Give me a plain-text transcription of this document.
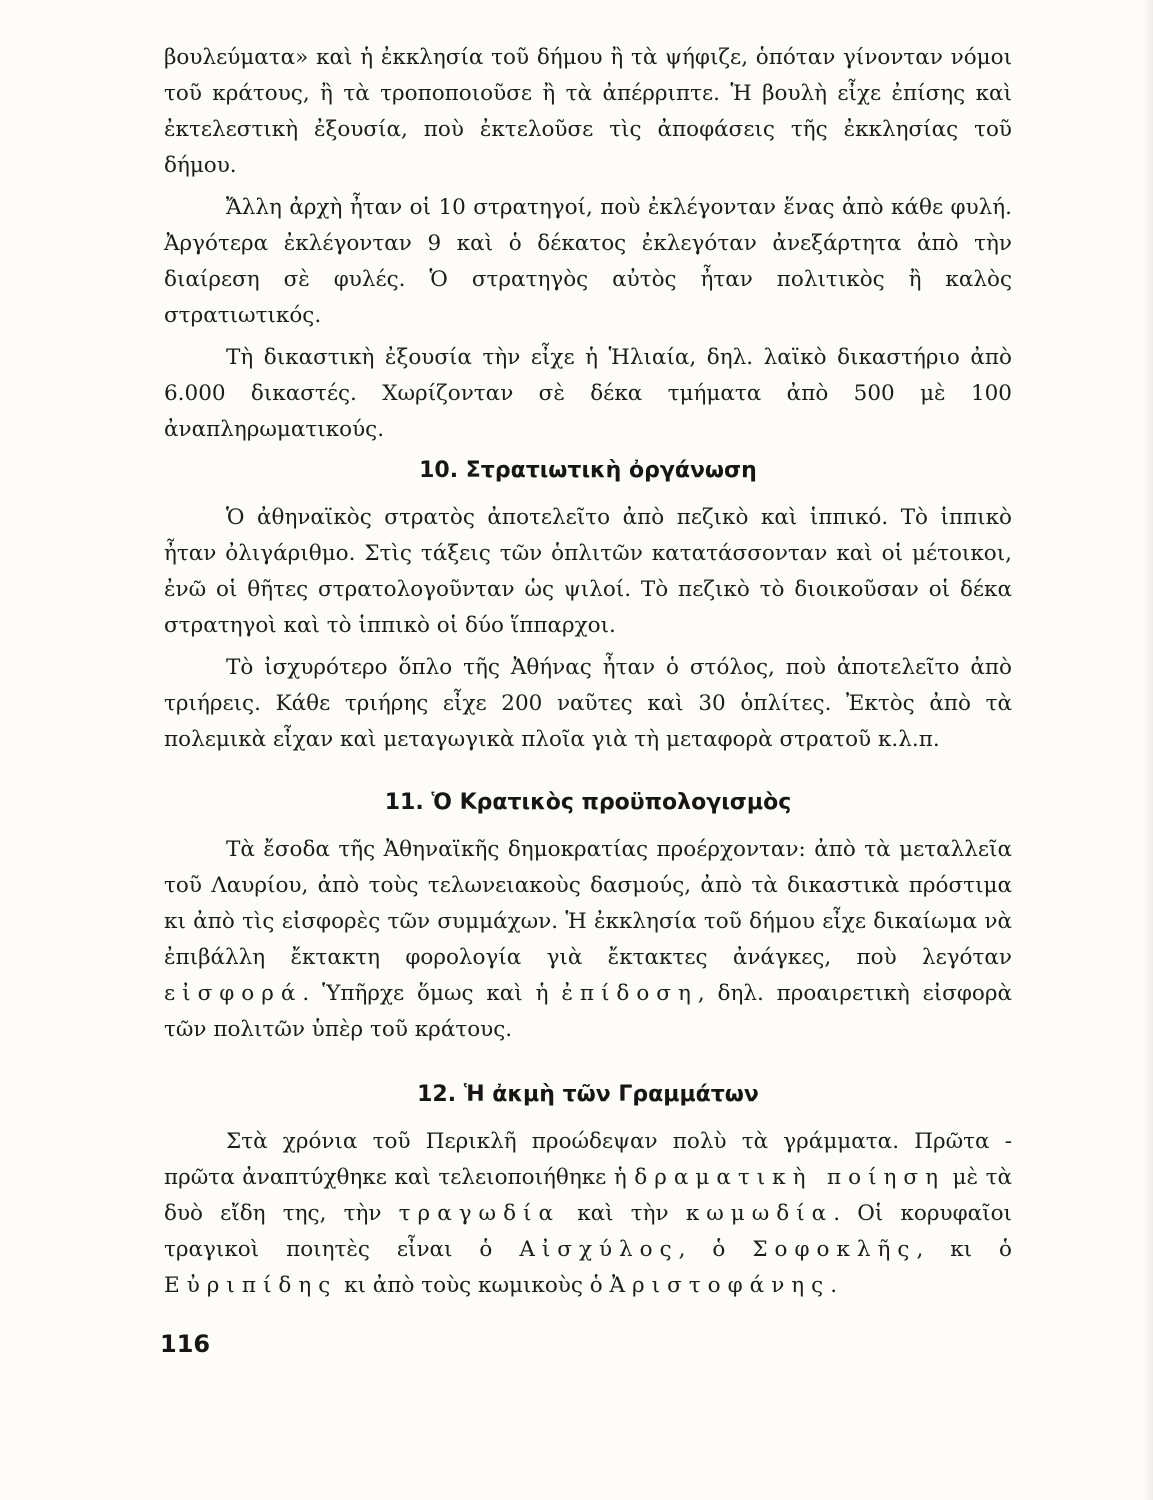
βουλεύματα» καὶ ἡ ἐκκλησία τοῦ δήμου ἢ τὰ ψήφιζε, ὁπόταν γίνονταν νόμοι τοῦ κράτους, ἢ τὰ τροποποιοῦσε ἢ τὰ ἀπέρριπτε. Ἡ βουλὴ εἶχε ἐπίσης καὶ ἐκτελεστικὴ ἐξουσία, ποὺ ἐκτελοῦσε τὶς ἀποφάσεις τῆς ἐκκλησίας τοῦ δήμου.

Ἄλλη ἀρχὴ ἦταν οἱ 10 στρατηγοί, ποὺ ἐκλέγονταν ἕνας ἀπὸ κάθε φυλή. Ἀργότερα ἐκλέγονταν 9 καὶ ὁ δέκατος ἐκλεγόταν ἀνεξάρτητα ἀπὸ τὴν διαίρεση σὲ φυλές. Ὁ στρατηγὸς αὐτὸς ἦταν πολιτικὸς ἢ καλὸς στρατιωτικός.

Τὴ δικαστικὴ ἐξουσία τὴν εἶχε ἡ Ἡλιαία, δηλ. λαϊκὸ δικαστήριο ἀπὸ 6.000 δικαστές. Χωρίζονταν σὲ δέκα τμήματα ἀπὸ 500 μὲ 100 ἀναπληρωματικούς.

10. Στρατιωτικὴ ὀργάνωση

Ὁ ἀθηναϊκὸς στρατὸς ἀποτελεῖτο ἀπὸ πεζικὸ καὶ ἱππικό. Τὸ ἱππικὸ ἦταν ὀλιγάριθμο. Στὶς τάξεις τῶν ὁπλιτῶν κατατάσσονταν καὶ οἱ μέτοικοι, ἐνῶ οἱ θῆτες στρατολογοῦνταν ὡς ψιλοί. Τὸ πεζικὸ τὸ διοικοῦσαν οἱ δέκα στρατηγοὶ καὶ τὸ ἱππικὸ οἱ δύο ἵππαρχοι.

Τὸ ἰσχυρότερο ὅπλο τῆς Ἀθήνας ἦταν ὁ στόλος, ποὺ ἀποτελεῖτο ἀπὸ τριήρεις. Κάθε τριήρης εἶχε 200 ναῦτες καὶ 30 ὁπλίτες. Ἐκτὸς ἀπὸ τὰ πολεμικὰ εἶχαν καὶ μεταγωγικὰ πλοῖα γιὰ τὴ μεταφορὰ στρατοῦ κ.λ.π.

11. Ὁ Κρατικὸς προϋπολογισμὸς

Τὰ ἔσοδα τῆς Ἀθηναϊκῆς δημοκρατίας προέρχονταν: ἀπὸ τὰ μεταλλεῖα τοῦ Λαυρίου, ἀπὸ τοὺς τελωνειακοὺς δασμούς, ἀπὸ τὰ δικαστικὰ πρόστιμα κι ἀπὸ τὶς εἰσφορὲς τῶν συμμάχων. Ἡ ἐκκλησία τοῦ δήμου εἶχε δικαίωμα νὰ ἐπιβάλλη ἔκτακτη φορολογία γιὰ ἔκτακτες ἀνάγκες, ποὺ λεγόταν εἰσφορά. Ὑπῆρχε ὅμως καὶ ἡ ἐπίδοση, δηλ. προαιρετικὴ εἰσφορὰ τῶν πολιτῶν ὑπὲρ τοῦ κράτους.

12. Ἡ ἀκμὴ τῶν Γραμμάτων

Στὰ χρόνια τοῦ Περικλῆ προώδεψαν πολὺ τὰ γράμματα. Πρῶτα - πρῶτα ἀναπτύχθηκε καὶ τελειοποιήθηκε ἡ δραματικὴ ποίηση μὲ τὰ δυὸ εἴδη της, τὴν τραγωδία καὶ τὴν κωμωδία. Οἱ κορυφαῖοι τραγικοὶ ποιητὲς εἶναι ὁ Αἰσχύλος, ὁ Σοφοκλῆς, κι ὁ Εὐριπίδης κι ἀπὸ τοὺς κωμικοὺς ὁ Ἀριστοφάνης.

116
